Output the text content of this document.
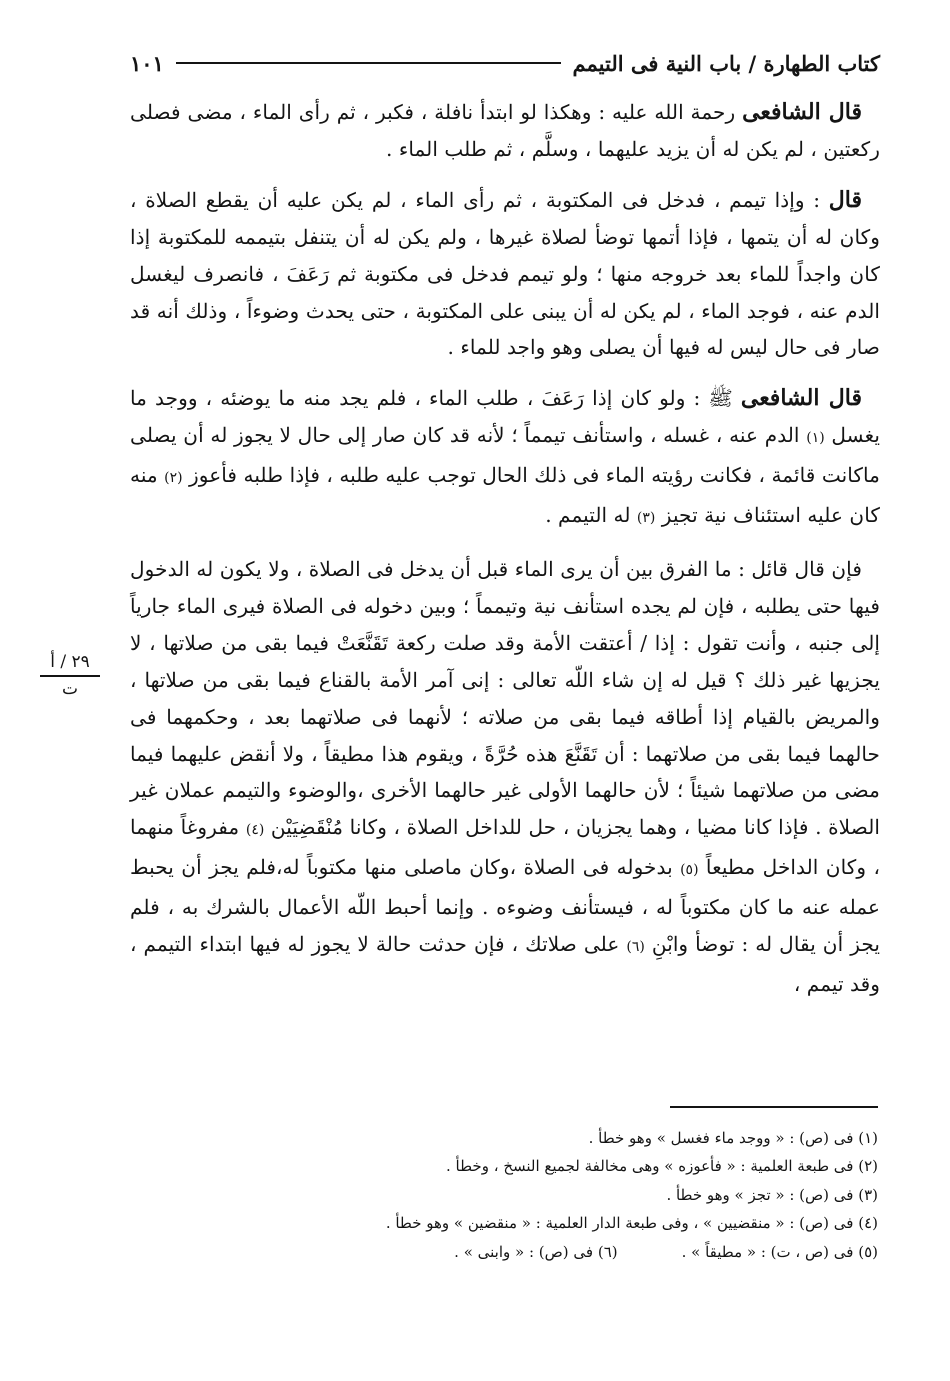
كتاب الطهارة / باب النية فى التيمم
١٠١

قال الشافعى رحمة الله عليه : وهكذا لو ابتدأ نافلة ، فكبر ، ثم رأى الماء ، مضى فصلى ركعتين ، لم يكن له أن يزيد عليهما ، وسلَّم ، ثم طلب الماء .

قال : وإذا تيمم ، فدخل فى المكتوبة ، ثم رأى الماء ، لم يكن عليه أن يقطع الصلاة ، وكان له أن يتمها ، فإذا أتمها توضأ لصلاة غيرها ، ولم يكن له أن يتنفل بتيممه للمكتوبة إذا كان واجداً للماء بعد خروجه منها ؛ ولو تيمم فدخل فى مكتوبة ثم رَعَفَ ، فانصرف ليغسل الدم عنه ، فوجد الماء ، لم يكن له أن يبنى على المكتوبة ، حتى يحدث وضوءاً ، وذلك أنه قد صار فى حال ليس له فيها أن يصلى وهو واجد للماء .

قال الشافعى ﷺ : ولو كان إذا رَعَفَ ، طلب الماء ، فلم يجد منه ما يوضئه ، ووجد ما يغسل (١) الدم عنه ، غسله ، واستأنف تيمماً ؛ لأنه قد كان صار إلى حال لا يجوز له أن يصلى ماكانت قائمة ، فكانت رؤيته الماء فى ذلك الحال توجب عليه طلبه ، فإذا طلبه فأعوز (٢) منه كان عليه استئناف نية تجيز (٣) له التيمم .

فإن قال قائل : ما الفرق بين أن يرى الماء قبل أن يدخل فى الصلاة ، ولا يكون له الدخول فيها حتى يطلبه ، فإن لم يجده استأنف نية وتيمماً ؛ وبين دخوله فى الصلاة فيرى الماء جارياً إلى جنبه ، وأنت تقول : إذا / أعتقت الأمة وقد صلت ركعة تَقَنَّعَتْ فيما بقى من صلاتها ، لا يجزيها غير ذلك ؟ قيل له إن شاء اللّه تعالى : إنى آمر الأمة بالقناع فيما بقى من صلاتها ، والمريض بالقيام إذا أطاقه فيما بقى من صلاته ؛ لأنهما فى صلاتهما بعد ، وحكمهما فى حالهما فيما بقى من صلاتهما : أن تَقَنَّعَ هذه حُرَّةً ، ويقوم هذا مطيقاً ، ولا أنقض عليهما فيما مضى من صلاتهما شيئاً ؛ لأن حالهما الأولى غير حالهما الأخرى ،والوضوء والتيمم عملان غير الصلاة . فإذا كانا مضيا ، وهما يجزيان ، حل للداخل الصلاة ، وكانا مُنْقَضِيَيْن (٤) مفروغاً منهما ، وكان الداخل مطيعاً (٥) بدخوله فى الصلاة ،وكان ماصلى منها مكتوباً له،فلم يجز أن يحبط عمله عنه ما كان مكتوباً له ، فيستأنف وضوءه . وإنما أحبط اللّه الأعمال بالشرك به ، فلم يجز أن يقال له : توضأ وابْنِ (٦) على صلاتك ، فإن حدثت حالة لا يجوز له فيها ابتداء التيمم ، وقد تيمم ،

٢٩ / أ
ت
(١) فى (ص) : « ووجد ماء فغسل » وهو خطأ .
(٢) فى طبعة العلمية : « فأعوزه » وهى مخالفة لجميع النسخ ، وخطأ .
(٣) فى (ص) : « تجز » وهو خطأ .
(٤) فى (ص) : « منقضيين » ، وفى طبعة الدار العلمية : « منقضين » وهو خطأ .
(٥) فى (ص ، ت) : « مطيقاً » .
(٦) فى (ص) : « وابنى » .
